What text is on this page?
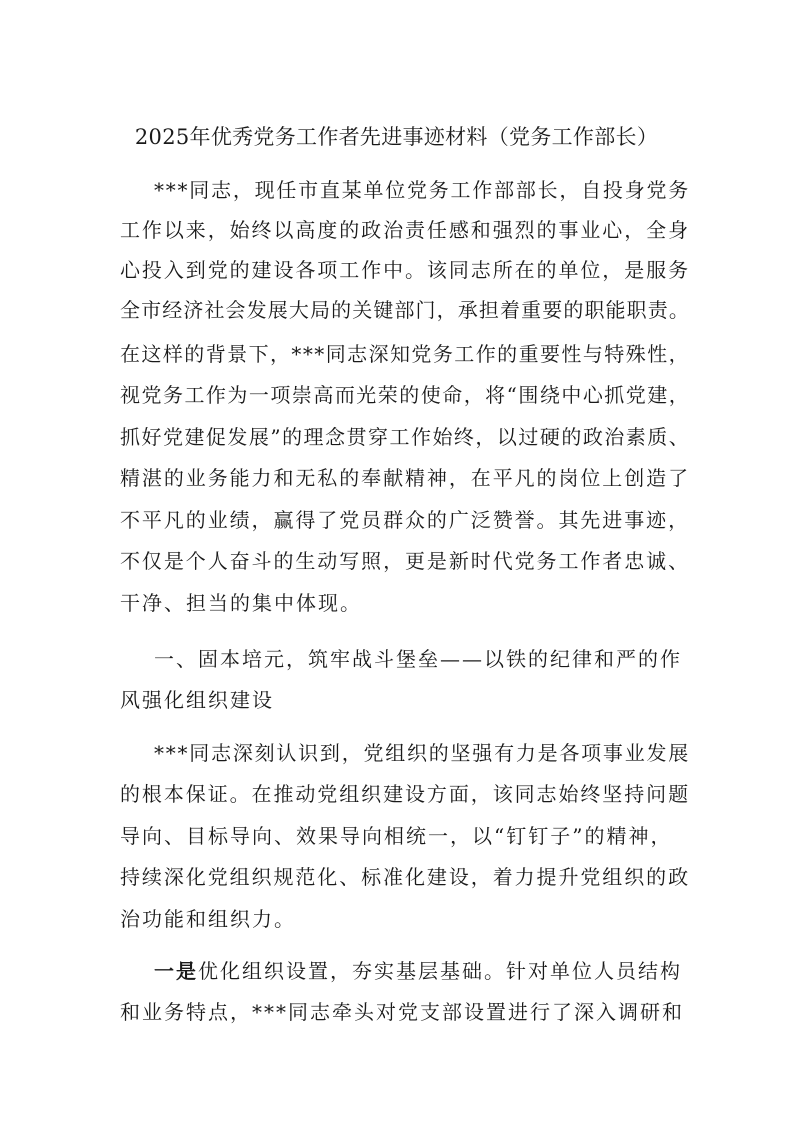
2025年优秀党务工作者先进事迹材料（党务工作部长）
***同志，现任市直某单位党务工作部部长，自投身党务
工作以来，始终以高度的政治责任感和强烈的事业心，全身
心投入到党的建设各项工作中。该同志所在的单位，是服务
全市经济社会发展大局的关键部门，承担着重要的职能职责。
在这样的背景下，***同志深知党务工作的重要性与特殊性，
视党务工作为一项崇高而光荣的使命，将“围绕中心抓党建，
抓好党建促发展”的理念贯穿工作始终，以过硬的政治素质、
精湛的业务能力和无私的奉献精神，在平凡的岗位上创造了
不平凡的业绩，赢得了党员群众的广泛赞誉。其先进事迹，
不仅是个人奋斗的生动写照，更是新时代党务工作者忠诚、
干净、担当的集中体现。
一、固本培元，筑牢战斗堡垒——以铁的纪律和严的作
风强化组织建设
***同志深刻认识到，党组织的坚强有力是各项事业发展
的根本保证。在推动党组织建设方面，该同志始终坚持问题
导向、目标导向、效果导向相统一，以“钉钉子”的精神，
持续深化党组织规范化、标准化建设，着力提升党组织的政
治功能和组织力。
一是优化组织设置，夯实基层基础。针对单位人员结构
和业务特点，***同志牵头对党支部设置进行了深入调研和
